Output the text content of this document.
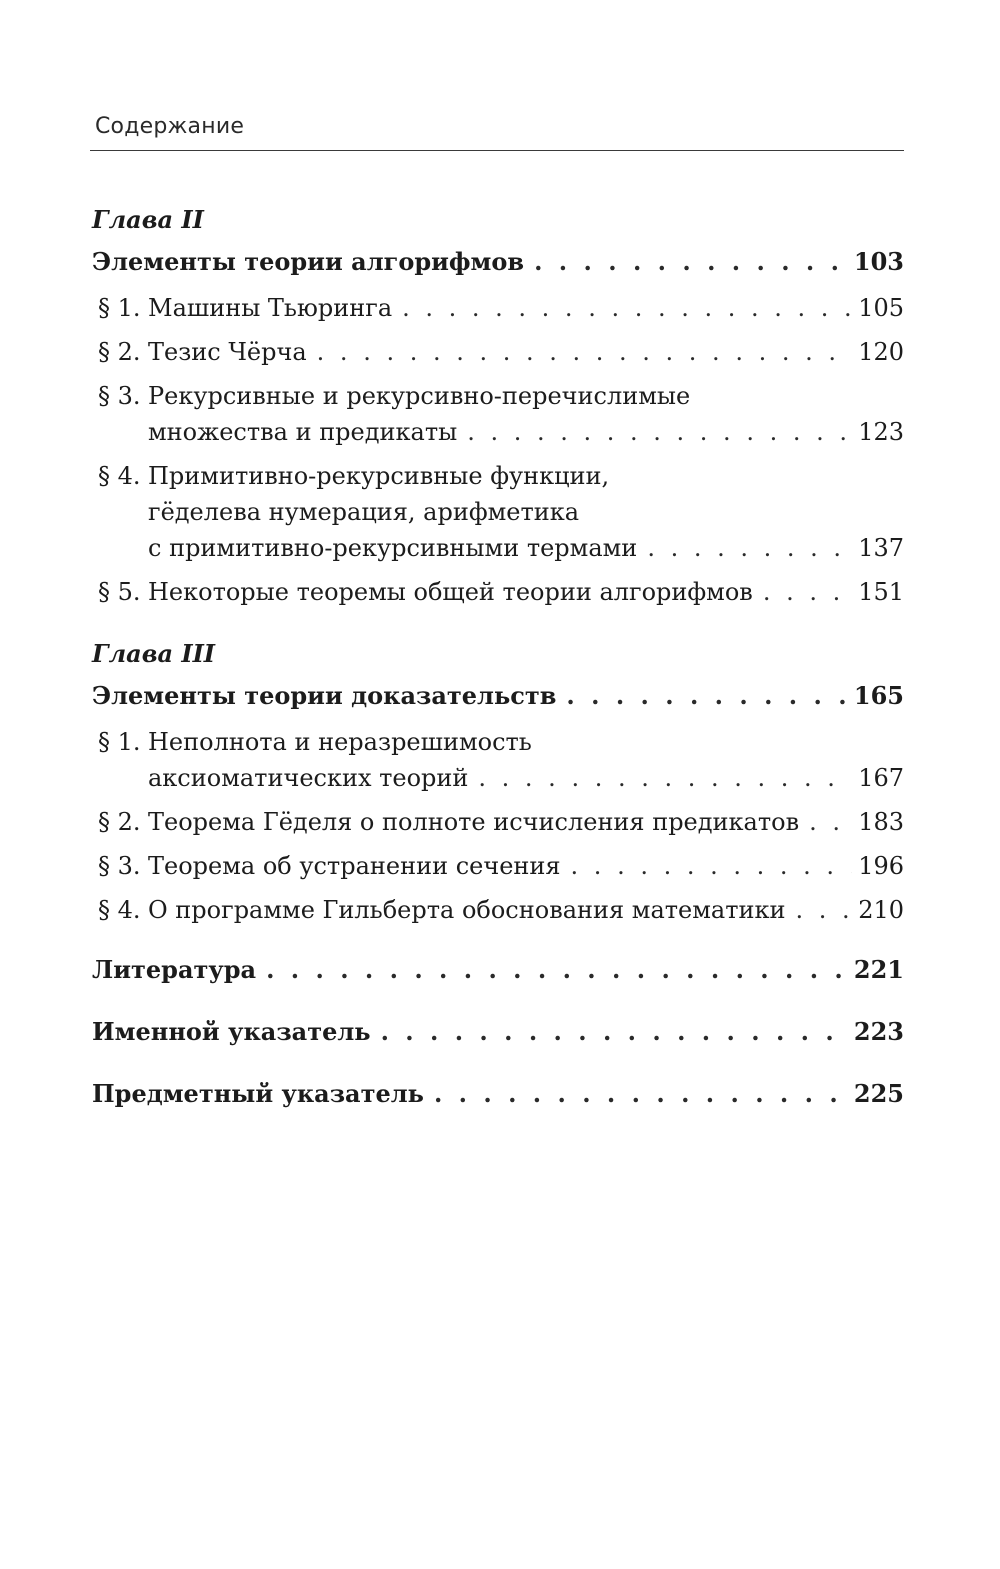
Содержание
Глава II
Элементы теории алгорифмов . . .	103
§ 1. Машины Тьюринга . . .	105
§ 2. Тезис Чёрча . . .	120
§ 3. Рекурсивные и рекурсивно-перечислимые
множества и предикаты . . .	123
§ 4. Примитивно-рекурсивные функции,
гёделева нумерация, арифметика
с примитивно-рекурсивными термами . . .	137
§ 5. Некоторые теоремы общей теории алгорифмов . . .	151
Глава III
Элементы теории доказательств . . .	165
§ 1. Неполнота и неразрешимость
аксиоматических теорий . . .	167
§ 2. Теорема Гёделя о полноте исчисления предикатов . . . 183
§ 3. Теорема об устранении сечения . . .	196
§ 4. О программе Гильберта обоснования математики . . .	210
Литература . . .	221
Именной указатель . . .	223
Предметный указатель . . .	225
